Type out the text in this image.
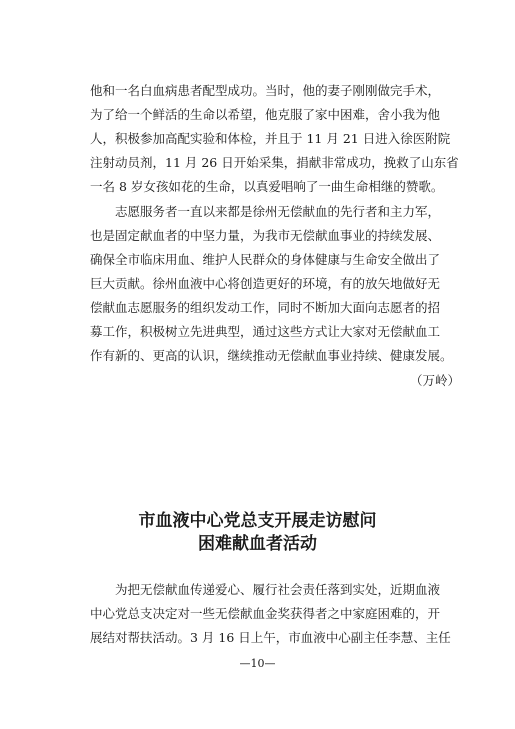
他和一名白血病患者配型成功。当时，他的妻子刚刚做完手术，
为了给一个鲜活的生命以希望，他克服了家中困难，舍小我为他
人，积极参加高配实验和体检，并且于 11 月 21 日进入徐医附院
注射动员剂，11 月 26 日开始采集，捐献非常成功，挽救了山东省
一名 8 岁女孩如花的生命，以真爱唱响了一曲生命相继的赞歌。
志愿服务者一直以来都是徐州无偿献血的先行者和主力军，
也是固定献血者的中坚力量，为我市无偿献血事业的持续发展、
确保全市临床用血、维护人民群众的身体健康与生命安全做出了
巨大贡献。徐州血液中心将创造更好的环境，有的放矢地做好无
偿献血志愿服务的组织发动工作，同时不断加大面向志愿者的招
募工作，积极树立先进典型，通过这些方式让大家对无偿献血工
作有新的、更高的认识，继续推动无偿献血事业持续、健康发展。
（万岭）
市血液中心党总支开展走访慰问
困难献血者活动
为把无偿献血传递爱心、履行社会责任落到实处，近期血液
中心党总支决定对一些无偿献血金奖获得者之中家庭困难的，开
展结对帮扶活动。3 月 16 日上午，市血液中心副主任李慧、主任
—10—
